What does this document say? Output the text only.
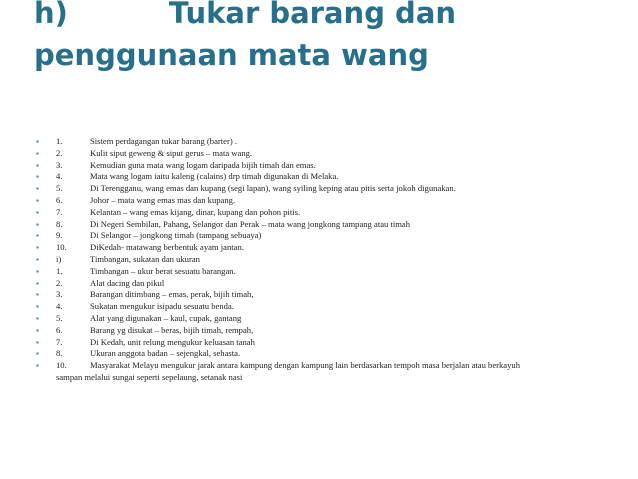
h)          Tukar barang dan
penggunaan mata wang
▪	1.	Sistem perdagangan tukar barang (barter) .
▪	2.	Kulit siput geweng & siput gerus – mata wang.
▪	3.	Kemudian guna mata wang logam daripada bijih timah dan emas.
▪	4.	Mata wang logam iaitu kaleng (calains) drp timah digunakan di Melaka.
▪	5.	Di Terengganu, wang emas dan kupang (segi lapan), wang syiling keping atau pitis serta jokoh digunakan.
▪	6.	Johor – mata wang emas mas dan kupang.
▪	7.	Kelantan – wang emas kijang, dinar, kupang dan pohon pitis.
▪	8.	Di Negeri Sembilan, Pahang, Selangor dan Perak – mata wang jongkong tampang atau timah
▪	9.	Di Selangor – jongkong timah (tampang sebuaya)
▪	10.	DiKedah- matawang berbentuk ayam jantan.
▪	i)	Timbangan, sukatan dan ukuran
▪	1.	Timbangan – ukur berat sesuatu barangan.
▪	2.	Alat dacing dan pikul
▪	3.	Barangan ditimbang – emas, perak, bijih timah,
▪	4.	Sukatan mengukur isipadu sesuatu benda.
▪	5.	Alat yang digunakan – kaul, cupak, gantang
▪	6.	Barang yg disukat – beras, bijih timah, rempah,
▪	7.	Di Kedah, unit relung mengukur keluasan tanah
▪	8.	Ukuran anggota badan – sejengkal, sehasta.
▪	10.	Masyarakat Melayu mengukur jarak antara kampung dengan kampung lain berdasarkan tempoh masa berjalan atau berkayuh
sampan melalui sungai seperti sepelaung, setanak nasi
